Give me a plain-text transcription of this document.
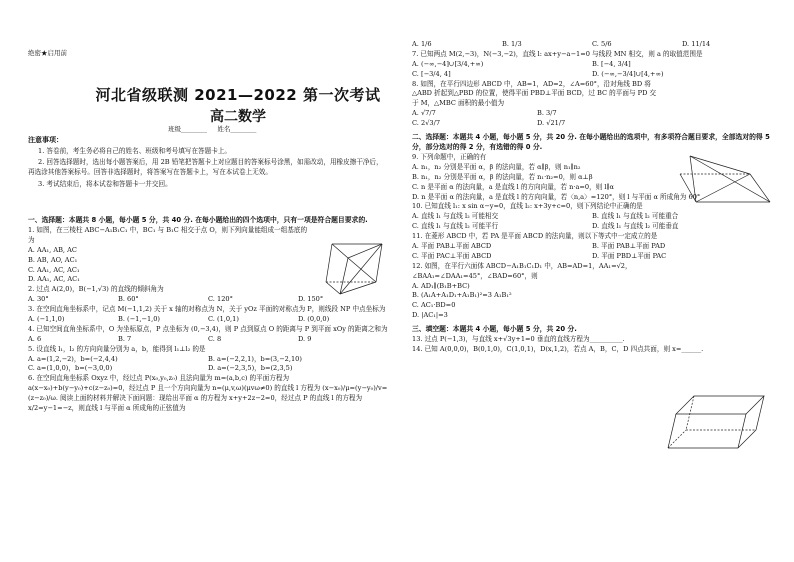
绝密★启用前
河北省级联测 2021—2022 第一次考试
高二数学
班级________ 姓名________
注意事项：

1. 答卷前，考生务必将自己的姓名、班级和考号填写在答题卡上。

2. 回答选择题时，选出每小题答案后，用 2B 铅笔把答题卡上对应题目的答案标号涂黑，如需改动，用橡皮擦干净后，再选涂其他答案标号。回答非选择题时，将答案写在答题卡上，写在本试卷上无效。

3. 考试结束后，将本试卷和答题卡一并交回。

一、选择题：本题共 8 小题，每小题 5 分，共 40 分. 在每小题给出的四个选项中，只有一项是符合题目要求的.

1. 如图，在三棱柱 ABC−A₁B₁C₁ 中，BC₁ 与 B₁C 相交于点 O，则下列向量能组成一组基底的为

A. AA₁, AB, AC
B. AB, AO, AC₁
C. AA₁, AC, AC₁
D. AA₁, AC, AC₁

2. 过点 A(2,0)，B(−1,√3) 的直线的倾斜角为

A. 30°	B. 60°	C. 120°	D. 150°

3. 在空间直角坐标系中，记点 M(−1,1,2) 关于 x 轴的对称点为 N，关于 yOz 平面的对称点为 P，则线段 NP 中点坐标为

A. (−1,1,0)	B. (−1,−1,0)	C. (1,0,1)	D. (0,0,0)

4. 已知空间直角坐标系中，O 为坐标原点，P 点坐标为 (0,−3,4)，则 P 点到原点 O 的距离与 P 到平面 xOy 的距离之和为

A. 6	B. 7	C. 8	D. 9

5. 设直线 l₁，l₂ 的方向向量分别为 a，b，能得到 l₁⊥l₂ 的是

A. a=(1,2,−2)，b=(−2,4,4)	B. a=(−2,2,1)，b=(3,−2,10)
C. a=(1,0,0)，b=(−3,0,0)	D. a=(−2,3,5)，b=(2,3,5)

6. 在空间直角坐标系 Oxyz 中，经过点 P(x₀,y₀,z₀) 且法向量为 m=(a,b,c) 的平面方程为 a(x−x₀)+b(y−y₀)+c(z−z₀)=0，经过点 P 且一个方向向量为 n=(μ,v,ω)(μvω≠0) 的直线 l 方程为 (x−x₀)/μ=(y−y₀)/v=(z−z₀)/ω. 阅读上面的材料并解决下面问题：现给出平面 α 的方程为 x+y+2z−2=0，经过点 P 的直线 l 的方程为 x/2=y−1=−z，则直线 l 与平面 α 所成角的正弦值为

A. 1/6	B. 1/3	C. 5/6	D. 11/14

7. 已知两点 M(2,−3)，N(−3,−2)，直线 l: ax+y−a−1=0 与线段 MN 相交，则 a 的取值范围是

A. (−∞,−4]∪[3/4,+∞)	B. [−4, 3/4]
C. [−3/4, 4]	D. (−∞,−3/4]∪[4,+∞)

8. 如图，在平行四边形 ABCD 中，AB=1，AD=2，∠A=60°，沿对角线 BD 将△ABD 折起到△PBD 的位置，使得平面 PBD⊥平面 BCD，过 BC 的平面与 PD 交于 M，△MBC 面积的最小值为

A. √7/7	B. 3/7
C. 2√3/7	D. √21/7
二、选择题：本题共 4 小题，每小题 5 分，共 20 分. 在每小题给出的选项中，有多项符合题目要求，全部选对的得 5 分，部分选对的得 2 分，有选错的得 0 分.

9. 下列命题中，正确的有

A. n₁，n₂ 分别是平面 α，β 的法向量，若 α∥β，则 n₁∥n₂
B. n₁，n₂ 分别是平面 α，β 的法向量，若 n₁·n₂=0，则 α⊥β
C. n 是平面 α 的法向量，a 是直线 l 的方向向量，若 n·a=0，则 l∥α
D. n 是平面 α 的法向量，a 是直线 l 的方向向量，若〈n,a〉=120°，则 l 与平面 α 所成角为 60°

10. 已知直线 l₁: x sin α−y=0，直线 l₂: x+3y+c=0，则下列结论中正确的是

A. 直线 l₁ 与直线 l₂ 可能相交	B. 直线 l₁ 与直线 l₂ 可能重合
C. 直线 l₁ 与直线 l₂ 可能平行	D. 直线 l₁ 与直线 l₂ 可能垂直

11. 在菱形 ABCD 中，若 PA 是平面 ABCD 的法向量，则以下等式中一定成立的是

A. 平面 PAB⊥平面 ABCD	B. 平面 PAB⊥平面 PAD
C. 平面 PAC⊥平面 ABCD	D. 平面 PBD⊥平面 PAC

12. 如图，在平行六面体 ABCD−A₁B₁C₁D₁ 中，AB=AD=1，AA₁=√2，∠BAA₁=∠DAA₁=45°，∠BAD=60°，则

A. AD₁∥(B₁B+BC)
B. (A₁A+A₁D₁+A₁B₁)²=3 A₁B₁²
C. AC₁·BD=0
D. |AC₁|=3
三、填空题：本题共 4 小题，每小题 5 分，共 20 分.

13. 过点 P(−1,3)，与直线 x+√3y+1=0 垂直的直线方程为__________.

14. 已知 A(0,0,0)，B(0,1,0)，C(1,0,1)，D(x,1,2)，若点 A，B，C，D 四点共面，则 x=______.
